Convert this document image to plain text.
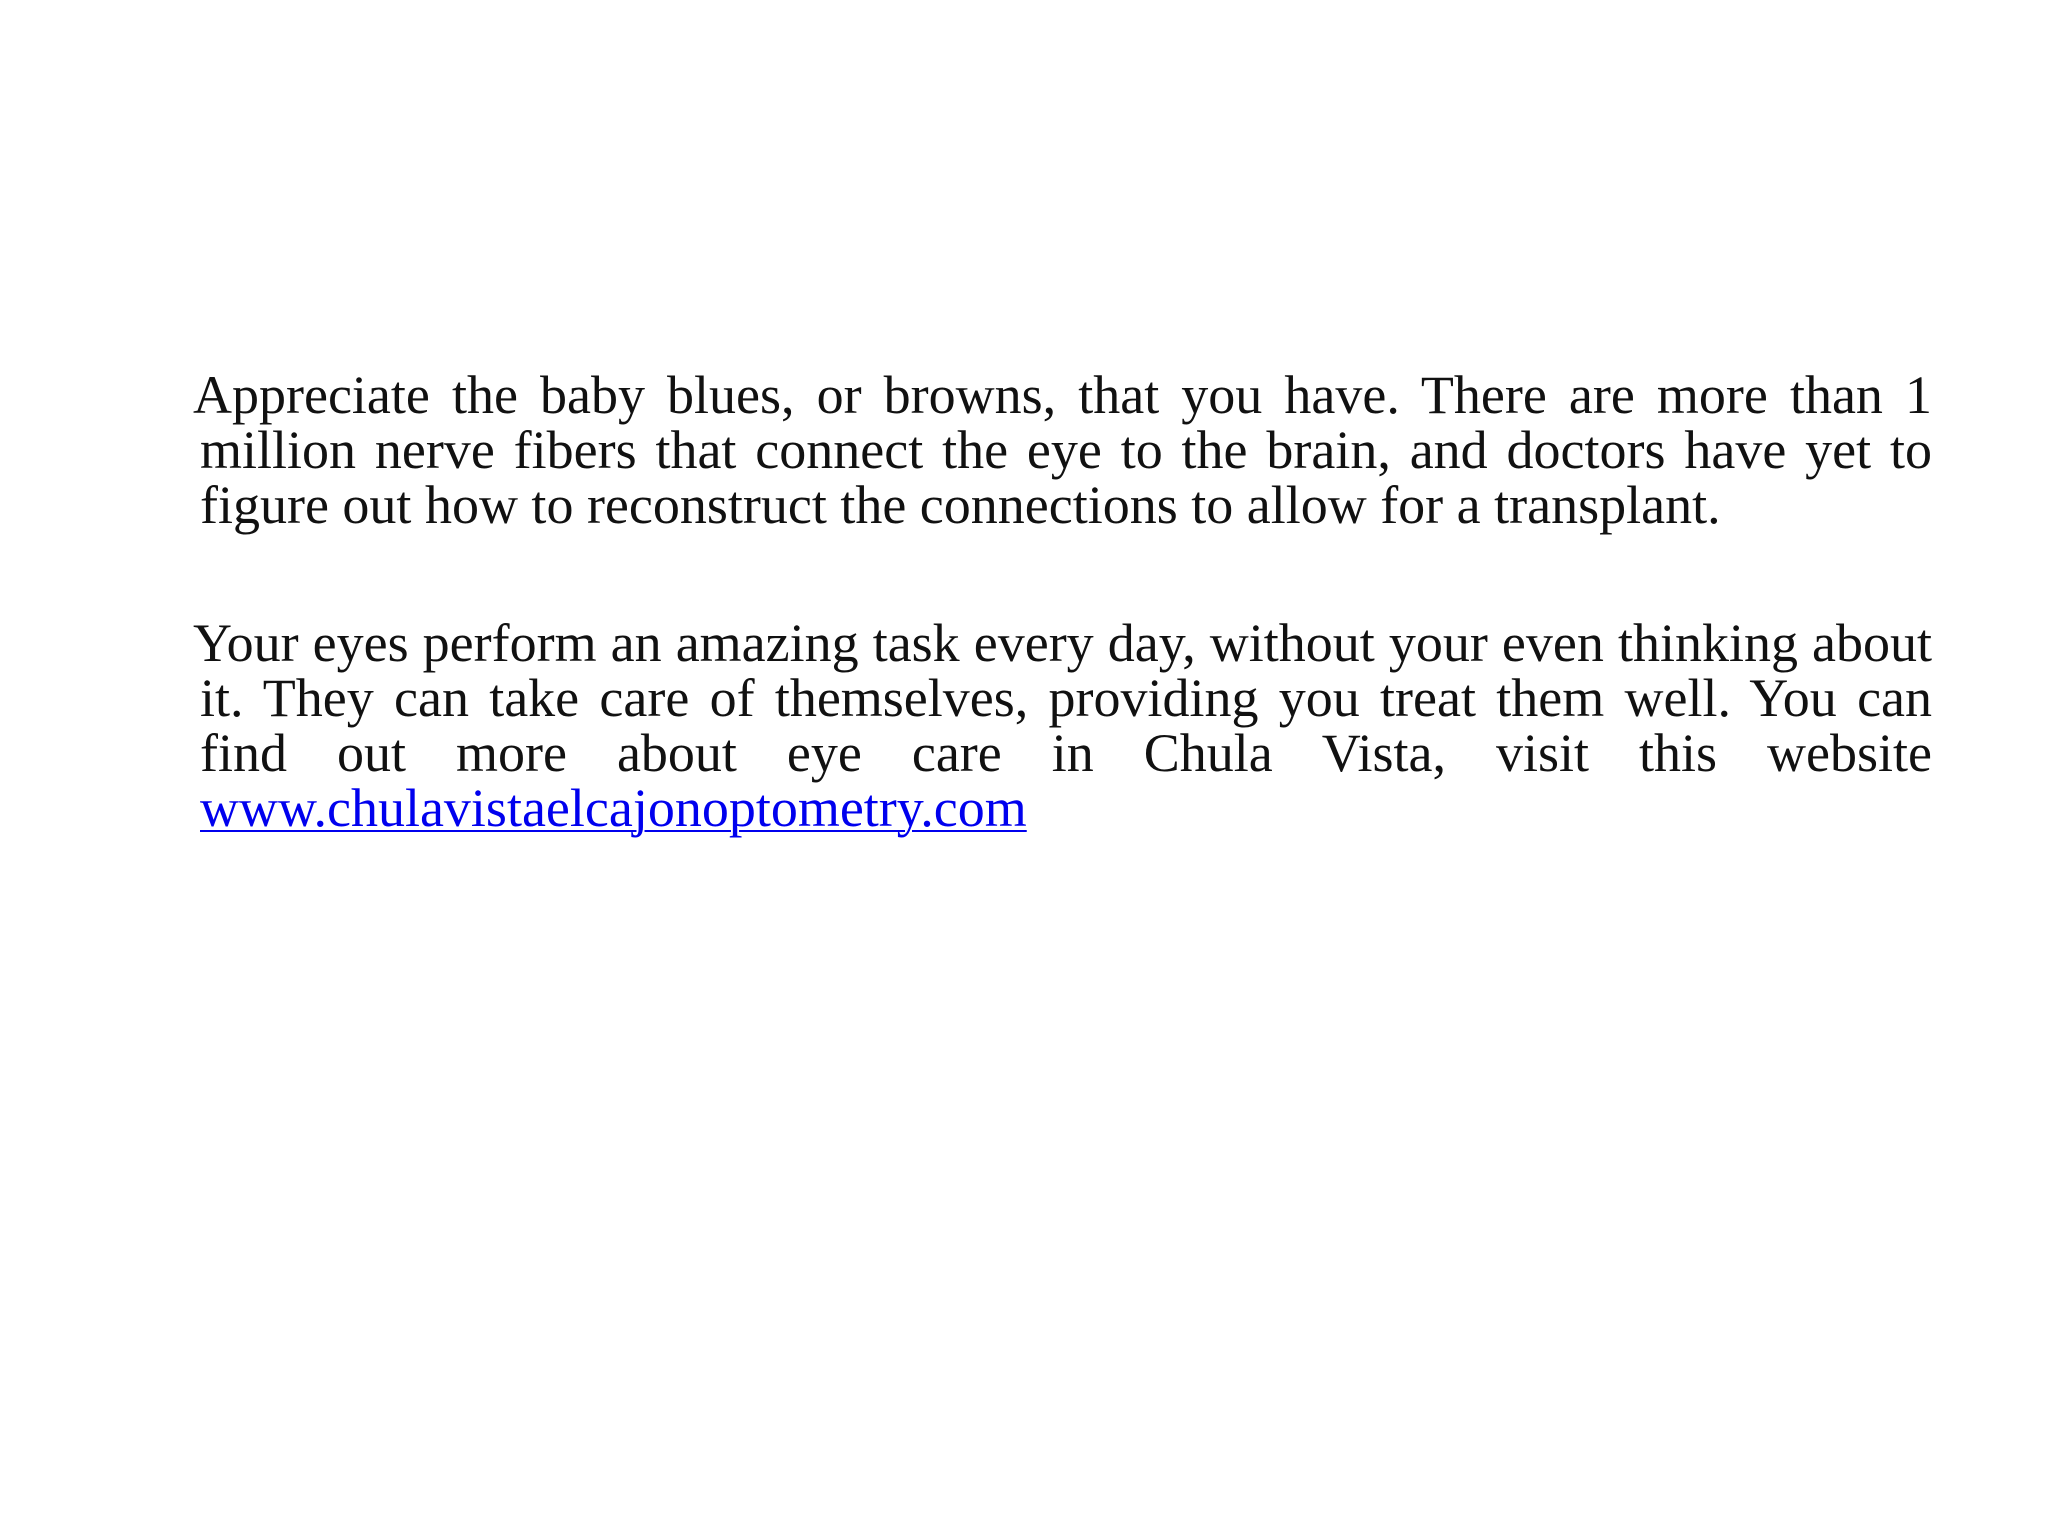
Appreciate the baby blues, or browns, that you have. There are more than 1 million nerve fibers that connect the eye to the brain, and doctors have yet to figure out how to reconstruct the connections to allow for a transplant.

Your eyes perform an amazing task every day, without your even thinking about it. They can take care of themselves, providing you treat them well. You can find out more about eye care in Chula Vista, visit this website www.chulavistaelcajonoptometry.com
